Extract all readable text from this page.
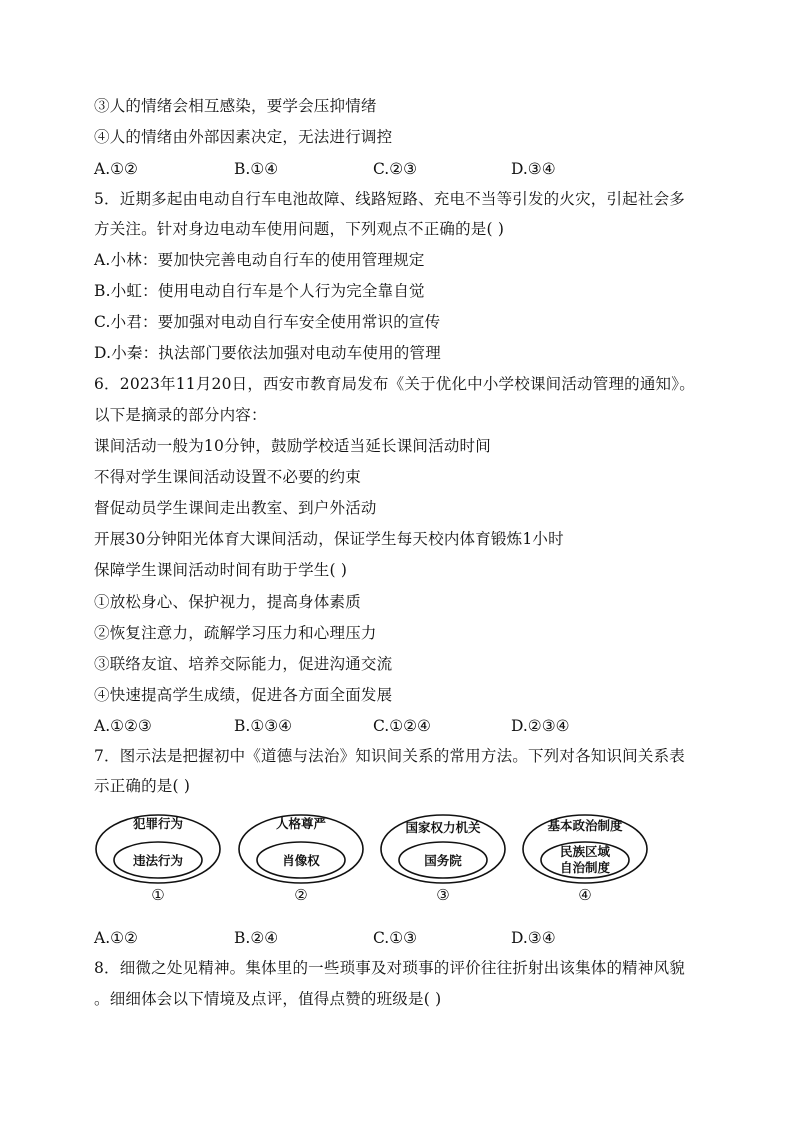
③人的情绪会相互感染，要学会压抑情绪
④人的情绪由外部因素决定，无法进行调控
A.①②	B.①④	C.②③	D.③④
5．近期多起由电动自行车电池故障、线路短路、充电不当等引发的火灾，引起社会多
方关注。针对身边电动车使用问题，下列观点不正确的是( )
A.小林：要加快完善电动自行车的使用管理规定
B.小虹：使用电动自行车是个人行为完全靠自觉
C.小君：要加强对电动自行车安全使用常识的宣传
D.小秦：执法部门要依法加强对电动车使用的管理
6．2023年11月20日，西安市教育局发布《关于优化中小学校课间活动管理的通知》。
以下是摘录的部分内容：
课间活动一般为10分钟，鼓励学校适当延长课间活动时间
不得对学生课间活动设置不必要的约束
督促动员学生课间走出教室、到户外活动
开展30分钟阳光体育大课间活动，保证学生每天校内体育锻炼1小时
保障学生课间活动时间有助于学生( )
①放松身心、保护视力，提高身体素质
②恢复注意力，疏解学习压力和心理压力
③联络友谊、培养交际能力，促进沟通交流
④快速提高学生成绩，促进各方面全面发展
A.①②③	B.①③④	C.①②④	D.②③④
7．图示法是把握初中《道德与法治》知识间关系的常用方法。下列对各知识间关系表
示正确的是( )
犯罪行为
违法行为
①
人格尊严
肖像权
②
国家权力机关
国务院
③
基本政治制度
民族区域
自治制度
④
A.①②	B.②④	C.①③	D.③④
8．细微之处见精神。集体里的一些琐事及对琐事的评价往往折射出该集体的精神风貌
。细细体会以下情境及点评，值得点赞的班级是( )
